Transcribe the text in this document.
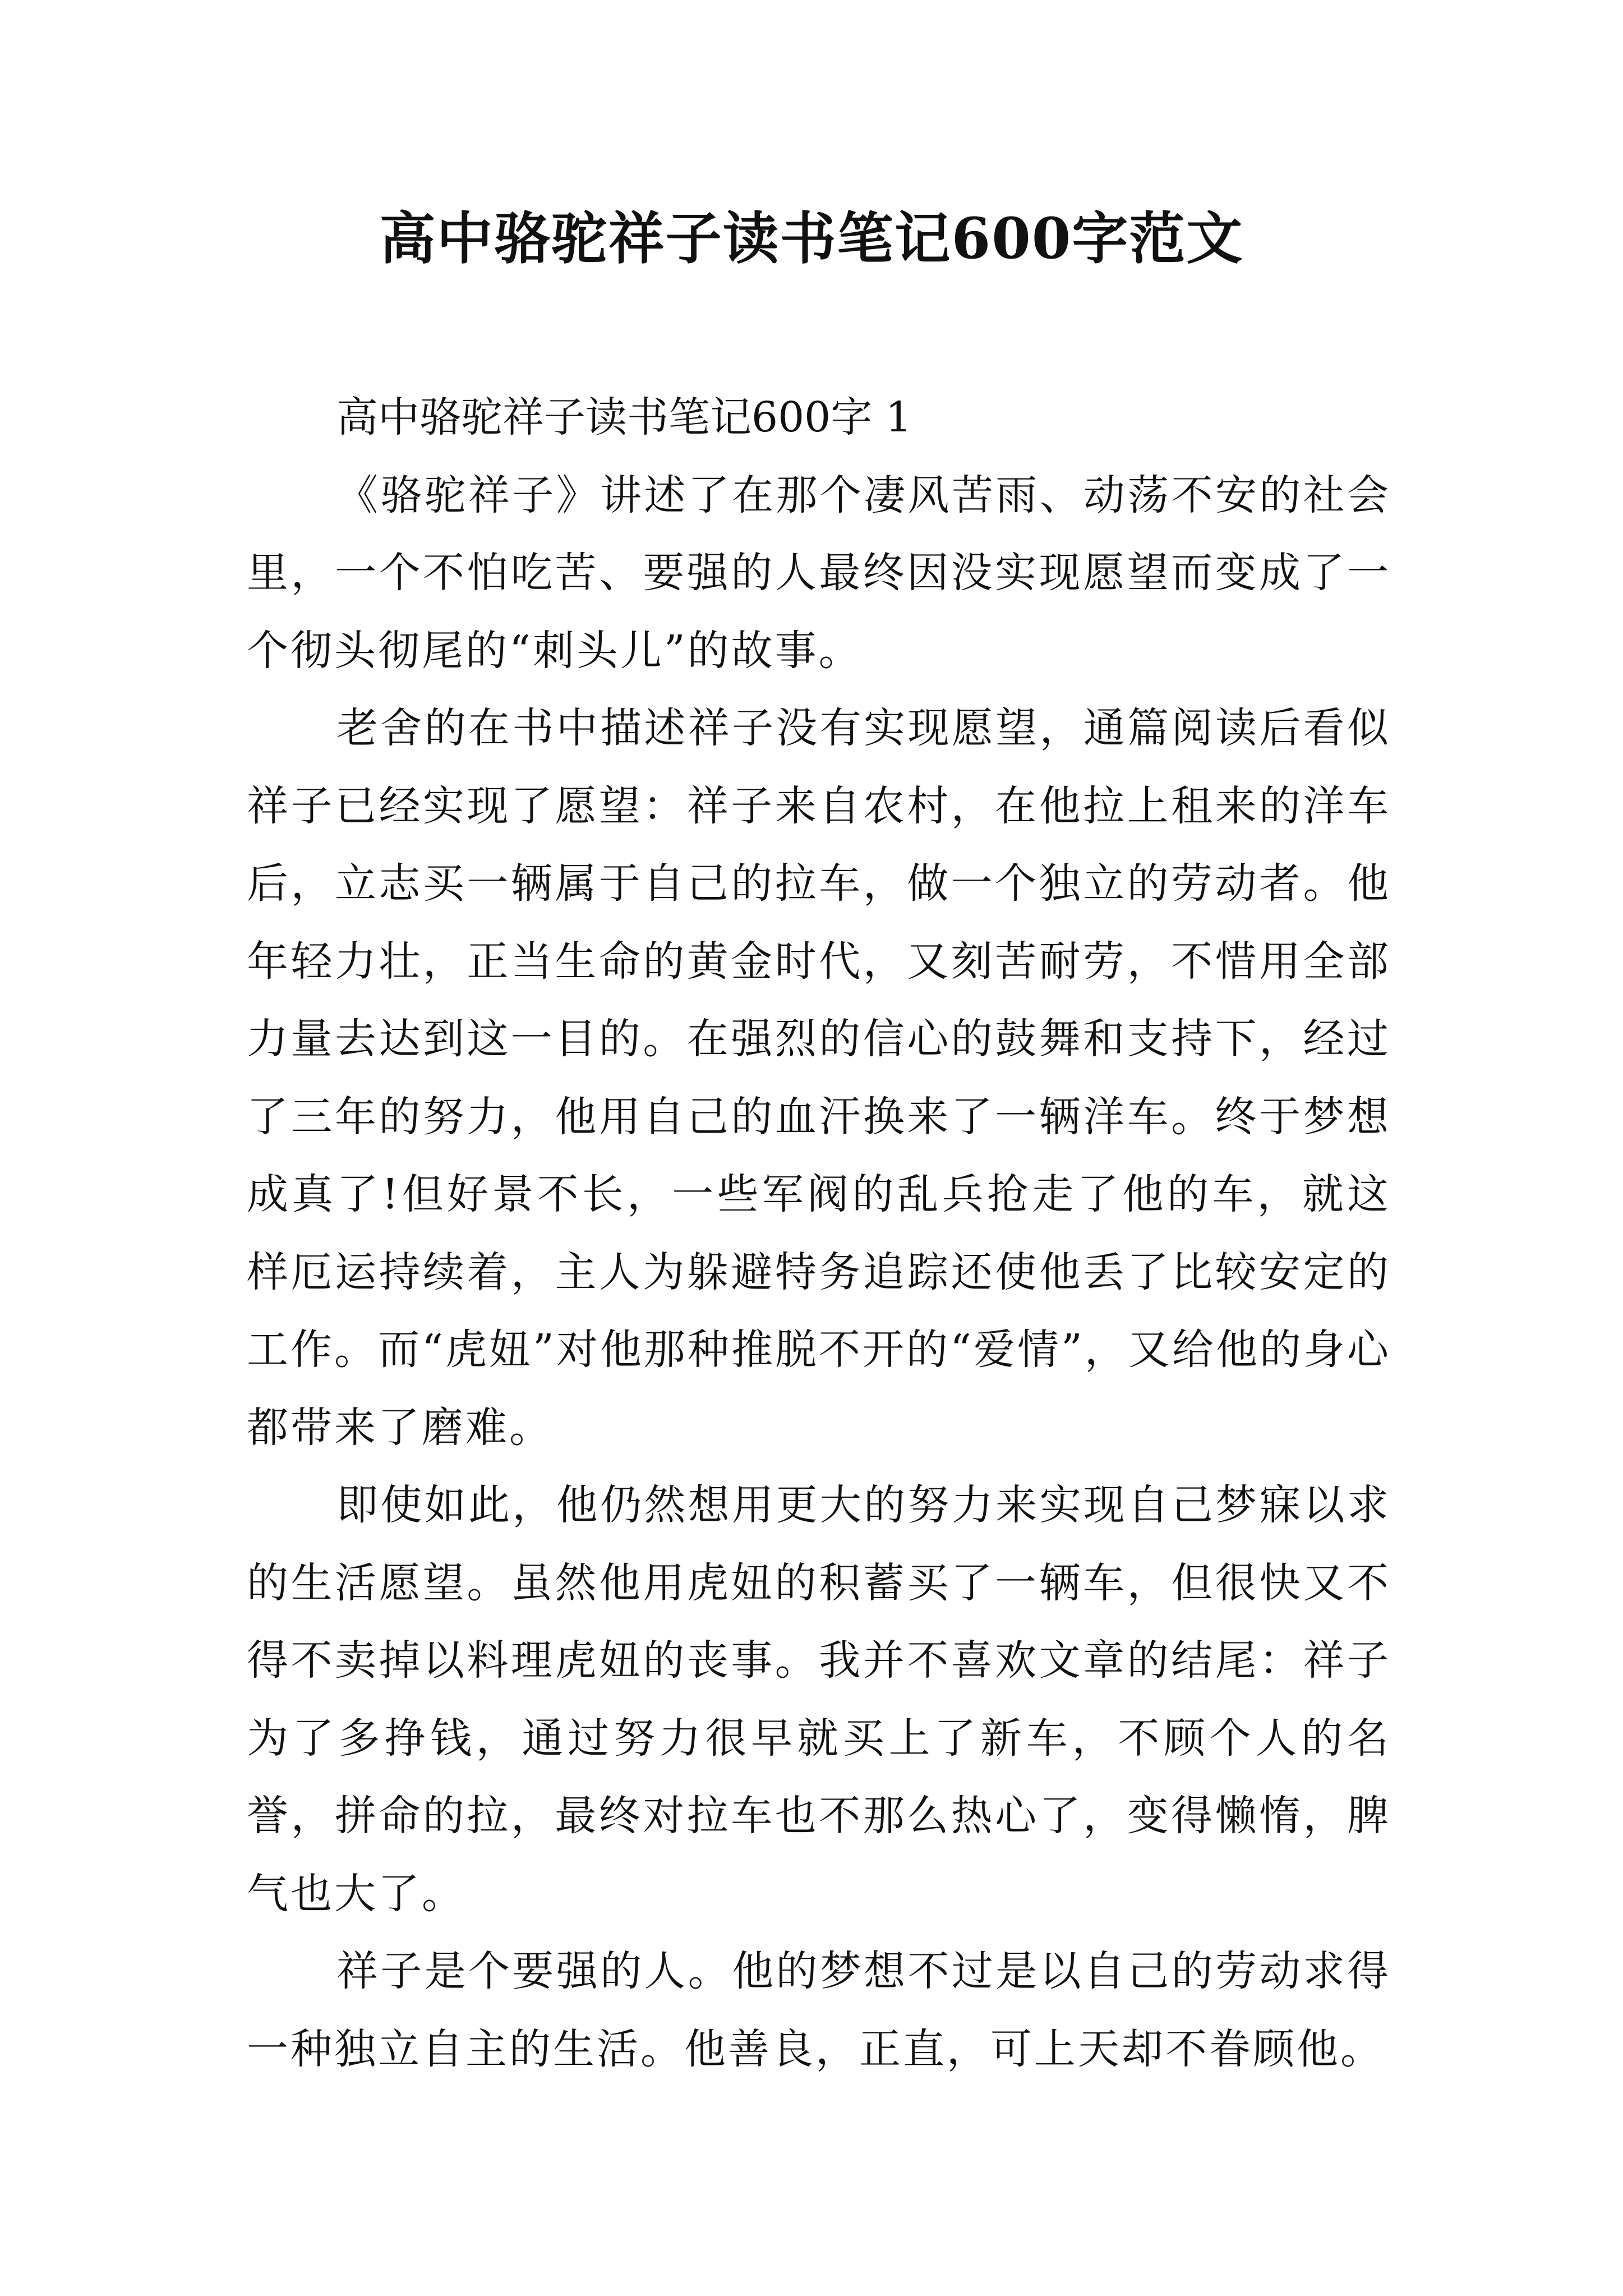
高中骆驼祥子读书笔记600字范文

高中骆驼祥子读书笔记600字 1

《骆驼祥子》讲述了在那个凄风苦雨、动荡不安的社会里，一个不怕吃苦、要强的人最终因没实现愿望而变成了一个彻头彻尾的“刺头儿”的故事。

老舍的在书中描述祥子没有实现愿望，通篇阅读后看似祥子已经实现了愿望：祥子来自农村，在他拉上租来的洋车后，立志买一辆属于自己的拉车，做一个独立的劳动者。他年轻力壮，正当生命的黄金时代，又刻苦耐劳，不惜用全部力量去达到这一目的。在强烈的信心的鼓舞和支持下，经过了三年的努力，他用自己的血汗换来了一辆洋车。终于梦想成真了!但好景不长，一些军阀的乱兵抢走了他的车，就这样厄运持续着，主人为躲避特务追踪还使他丢了比较安定的工作。而“虎妞”对他那种推脱不开的“爱情”，又给他的身心都带来了磨难。

即使如此，他仍然想用更大的努力来实现自己梦寐以求的生活愿望。虽然他用虎妞的积蓄买了一辆车，但很快又不得不卖掉以料理虎妞的丧事。我并不喜欢文章的结尾：祥子为了多挣钱，通过努力很早就买上了新车，不顾个人的名誉，拼命的拉，最终对拉车也不那么热心了，变得懒惰，脾气也大了。

祥子是个要强的人。他的梦想不过是以自己的劳动求得一种独立自主的生活。他善良，正直，可上天却不眷顾他。
